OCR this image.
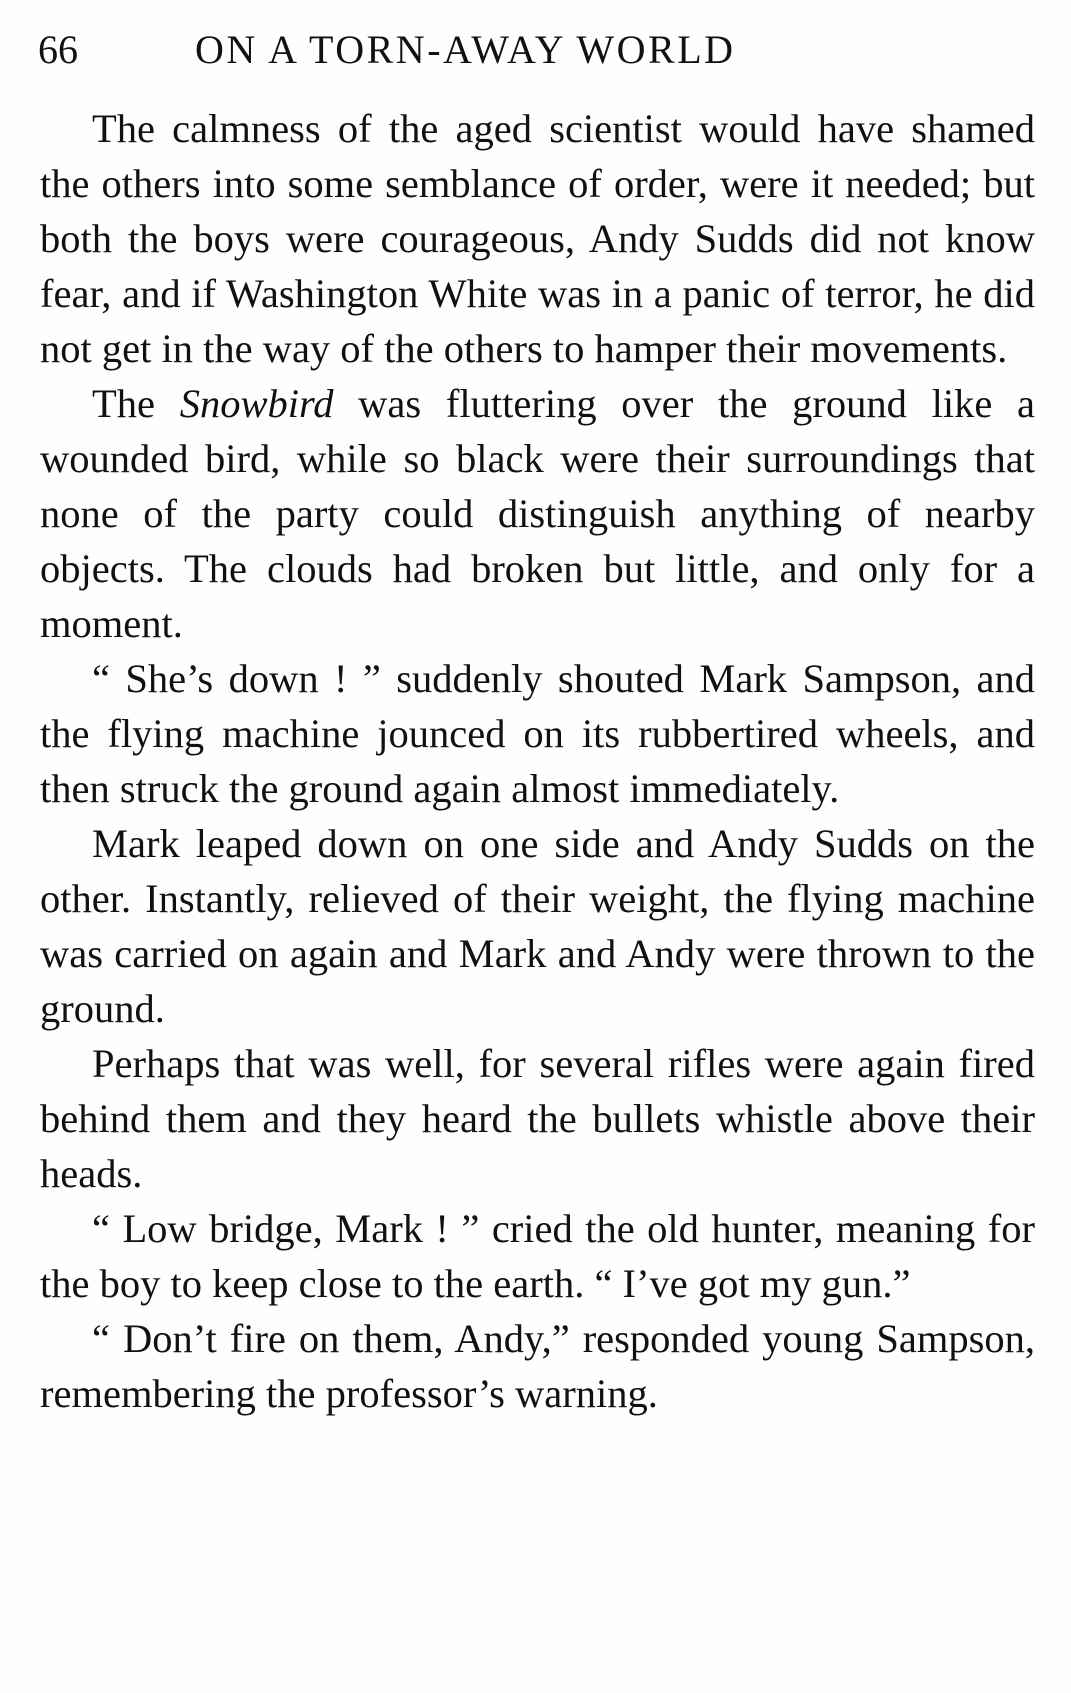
66	ON A TORN-AWAY WORLD

The calmness of the aged scientist would have shamed the others into some semblance of order, were it needed; but both the boys were courageous, Andy Sudds did not know fear, and if Washington White was in a panic of terror, he did not get in the way of the others to hamper their movements.

The Snowbird was fluttering over the ground like a wounded bird, while so black were their surroundings that none of the party could distinguish anything of nearby objects. The clouds had broken but little, and only for a moment.

“ She’s down ! ” suddenly shouted Mark Sampson, and the flying machine jounced on its rubbertired wheels, and then struck the ground again almost immediately.

Mark leaped down on one side and Andy Sudds on the other. Instantly, relieved of their weight, the flying machine was carried on again and Mark and Andy were thrown to the ground.

Perhaps that was well, for several rifles were again fired behind them and they heard the bullets whistle above their heads.

“ Low bridge, Mark ! ” cried the old hunter, meaning for the boy to keep close to the earth. “ I’ve got my gun.”

“ Don’t fire on them, Andy,” responded young Sampson, remembering the professor’s warning.
